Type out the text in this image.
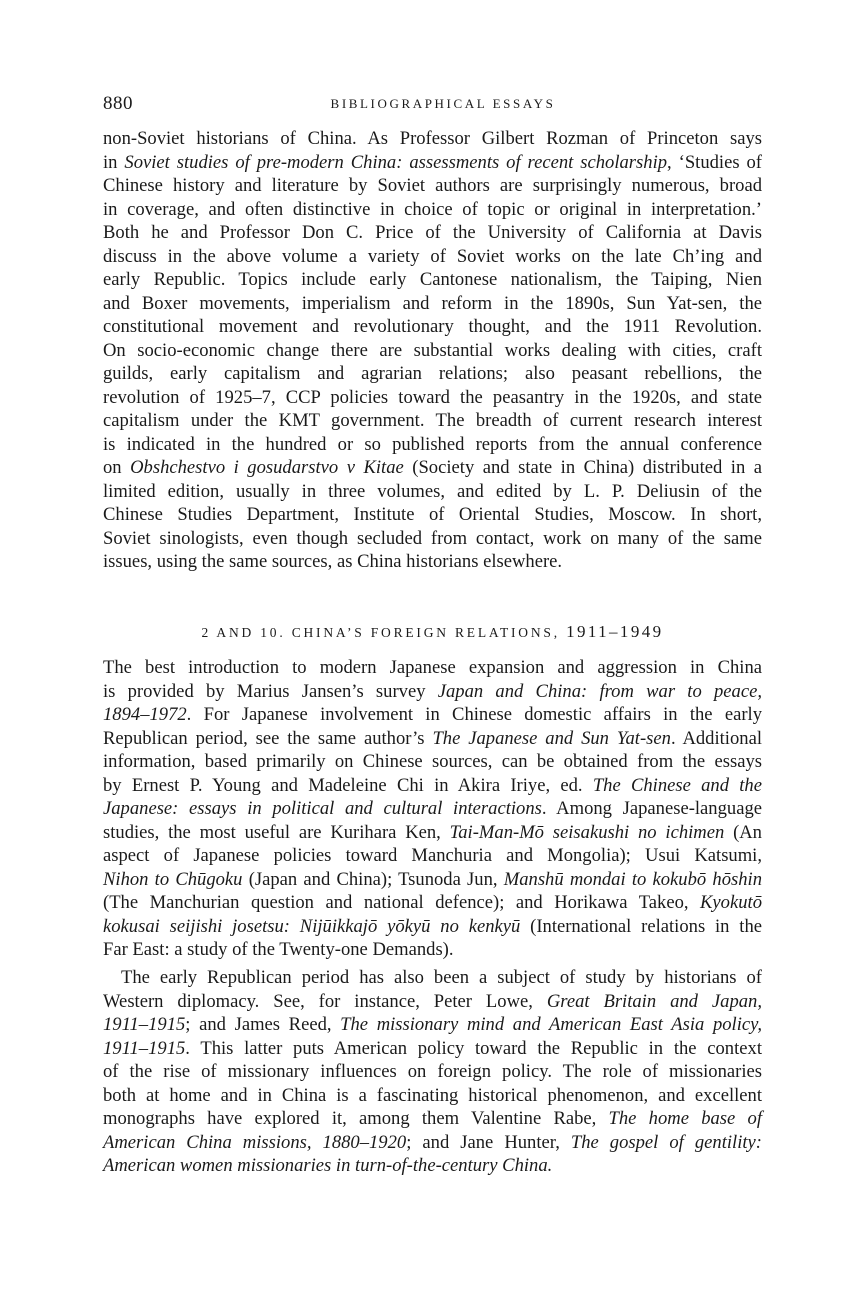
880	BIBLIOGRAPHICAL ESSAYS
non-Soviet historians of China. As Professor Gilbert Rozman of Princeton says
in Soviet studies of pre-modern China: assessments of recent scholarship, ‘Studies of
Chinese history and literature by Soviet authors are surprisingly numerous, broad
in coverage, and often distinctive in choice of topic or original in interpretation.’
Both he and Professor Don C. Price of the University of California at Davis
discuss in the above volume a variety of Soviet works on the late Ch’ing and
early Republic. Topics include early Cantonese nationalism, the Taiping, Nien
and Boxer movements, imperialism and reform in the 1890s, Sun Yat-sen, the
constitutional movement and revolutionary thought, and the 1911 Revolution.
On socio-economic change there are substantial works dealing with cities, craft
guilds, early capitalism and agrarian relations; also peasant rebellions, the
revolution of 1925–7, CCP policies toward the peasantry in the 1920s, and state
capitalism under the KMT government. The breadth of current research interest
is indicated in the hundred or so published reports from the annual conference
on Obshchestvo i gosudarstvo v Kitae (Society and state in China) distributed in a
limited edition, usually in three volumes, and edited by L. P. Deliusin of the
Chinese Studies Department, Institute of Oriental Studies, Moscow. In short,
Soviet sinologists, even though secluded from contact, work on many of the same
issues, using the same sources, as China historians elsewhere.
2 AND 10. CHINA’S FOREIGN RELATIONS, 1911–1949
The best introduction to modern Japanese expansion and aggression in China
is provided by Marius Jansen’s survey Japan and China: from war to peace,
1894–1972. For Japanese involvement in Chinese domestic affairs in the early
Republican period, see the same author’s The Japanese and Sun Yat-sen. Additional
information, based primarily on Chinese sources, can be obtained from the essays
by Ernest P. Young and Madeleine Chi in Akira Iriye, ed. The Chinese and the
Japanese: essays in political and cultural interactions. Among Japanese-language
studies, the most useful are Kurihara Ken, Tai-Man-Mō seisakushi no ichimen (An
aspect of Japanese policies toward Manchuria and Mongolia); Usui Katsumi,
Nihon to Chūgoku (Japan and China); Tsunoda Jun, Manshū mondai to kokubō hōshin
(The Manchurian question and national defence); and Horikawa Takeo, Kyokutō
kokusai seijishi josetsu: Nijūikkajō yōkyū no kenkyū (International relations in the
Far East: a study of the Twenty-one Demands).
The early Republican period has also been a subject of study by historians of
Western diplomacy. See, for instance, Peter Lowe, Great Britain and Japan,
1911–1915; and James Reed, The missionary mind and American East Asia policy,
1911–1915. This latter puts American policy toward the Republic in the context
of the rise of missionary influences on foreign policy. The role of missionaries
both at home and in China is a fascinating historical phenomenon, and excellent
monographs have explored it, among them Valentine Rabe, The home base of
American China missions, 1880–1920; and Jane Hunter, The gospel of gentility:
American women missionaries in turn-of-the-century China.
